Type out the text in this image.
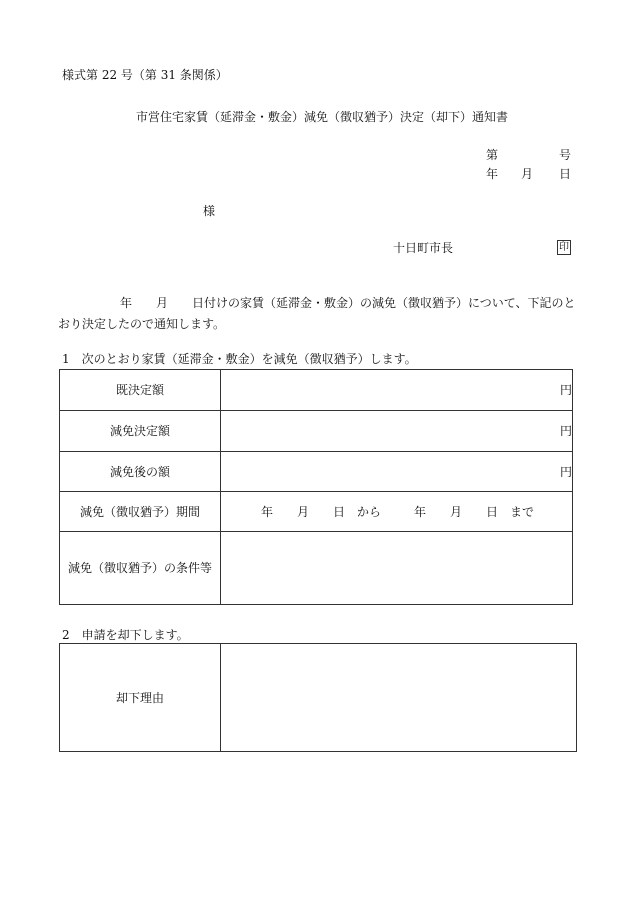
様式第 22 号（第 31 条関係）
市営住宅家賃（延滞金・敷金）減免（徴収猶予）決定（却下）通知書
第	号
年 月 日
様
十日町市長	印
年　　月　　日付けの家賃（延滞金・敷金）の減免（徴収猶予）について、下記のと
おり決定したので通知します。
1　次のとおり家賃（延滞金・敷金）を減免（徴収猶予）します。
既決定額	円
減免決定額	円
減免後の額	円
減免（徴収猶予）期間	年　　月　　日　から 年　　月　　日　まで

減免（徴収猶予）の条件等	
2　申請を却下します。
却下理由	
